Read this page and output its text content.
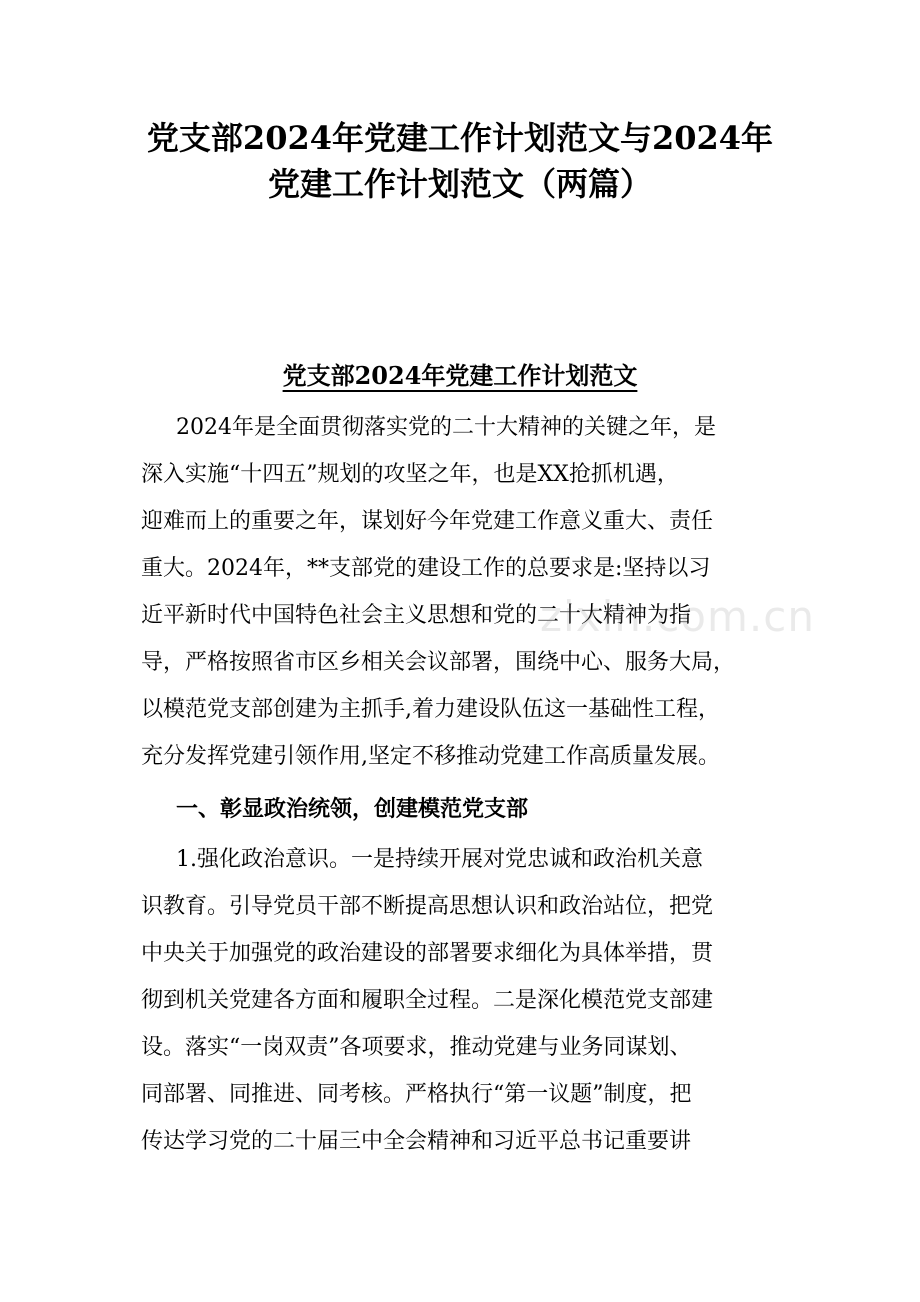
党支部2024年党建工作计划范文与2024年
党建工作计划范文（两篇）
党支部2024年党建工作计划范文

2024年是全面贯彻落实党的二十大精神的关键之年，是

深入实施“十四五”规划的攻坚之年，也是XX抢抓机遇，

迎难而上的重要之年，谋划好今年党建工作意义重大、责任

重大。2024年，**支部党的建设工作的总要求是:坚持以习

近平新时代中国特色社会主义思想和党的二十大精神为指

导，严格按照省市区乡相关会议部署，围绕中心、服务大局，

以模范党支部创建为主抓手,着力建设队伍这一基础性工程，

充分发挥党建引领作用,坚定不移推动党建工作高质量发展。

一、彰显政治统领，创建模范党支部

1.强化政治意识。一是持续开展对党忠诚和政治机关意

识教育。引导党员干部不断提高思想认识和政治站位，把党

中央关于加强党的政治建设的部署要求细化为具体举措，贯

彻到机关党建各方面和履职全过程。二是深化模范党支部建

设。落实“一岗双责”各项要求，推动党建与业务同谋划、

同部署、同推进、同考核。严格执行“第一议题”制度，把

传达学习党的二十届三中全会精神和习近平总书记重要讲

zixin.com.cn
